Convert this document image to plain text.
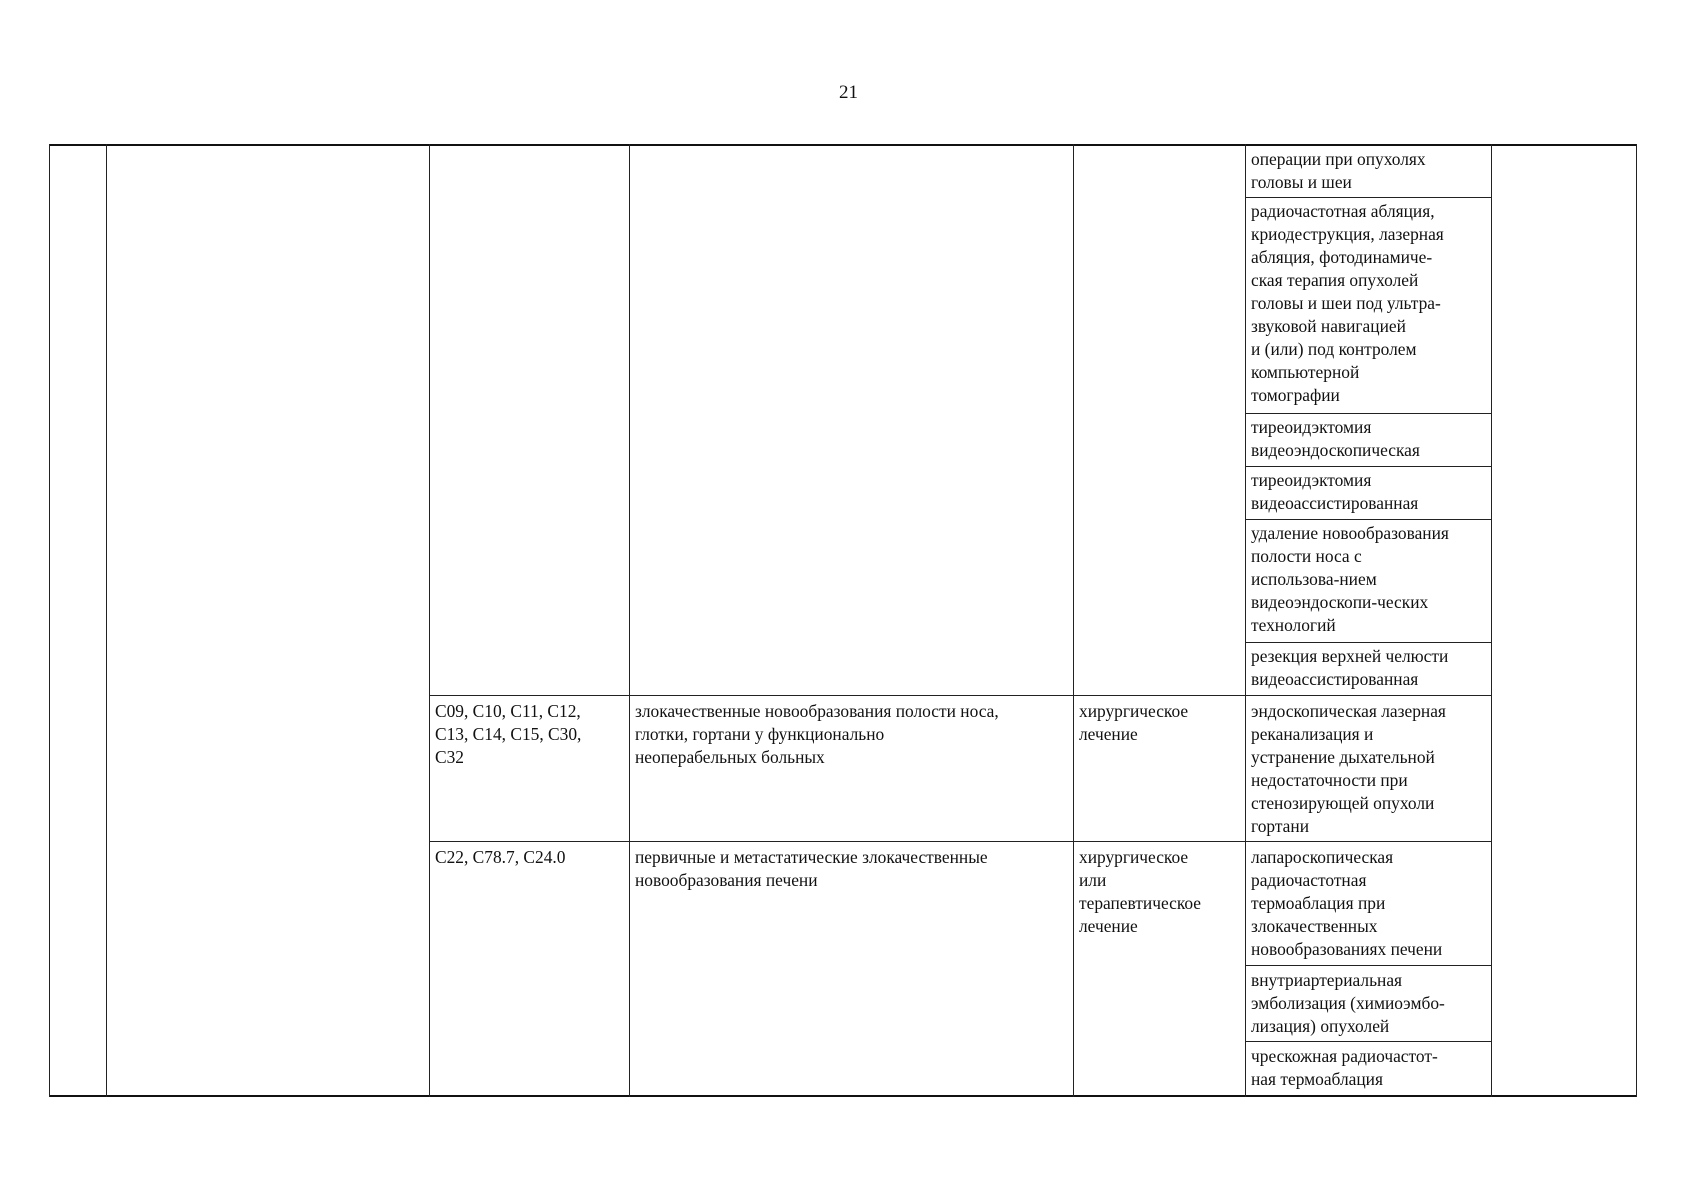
21
операции при опухолях
головы и шеи
радиочастотная абляция,
криодеструкция, лазерная
абляция, фотодинамиче-
ская терапия опухолей
головы и шеи под ультра-
звуковой навигацией
и (или) под контролем
компьютерной
томографии
тиреоидэктомия
видеоэндоскопическая
тиреоидэктомия
видеоассистированная
удаление новообразования
полости носа с
использова-нием
видеоэндоскопи-ческих
технологий
резекция верхней челюсти
видеоассистированная
C09, C10, C11, C12,
C13, C14, C15, C30,
C32
злокачественные новообразования полости носа,
глотки, гортани у функционально
неоперабельных больных
хирургическое
лечение
эндоскопическая лазерная
реканализация и
устранение дыхательной
недостаточности при
стенозирующей опухоли
гортани
C22, C78.7, C24.0	первичные и метастатические злокачественные
новообразования печени
хирургическое
или
терапевтическое
лечение
лапароскопическая
радиочастотная
термоаблация при
злокачественных
новообразованиях печени
внутриартериальная
эмболизация (химиоэмбо-
лизация) опухолей
чрескожная радиочастот-
ная термоаблация
